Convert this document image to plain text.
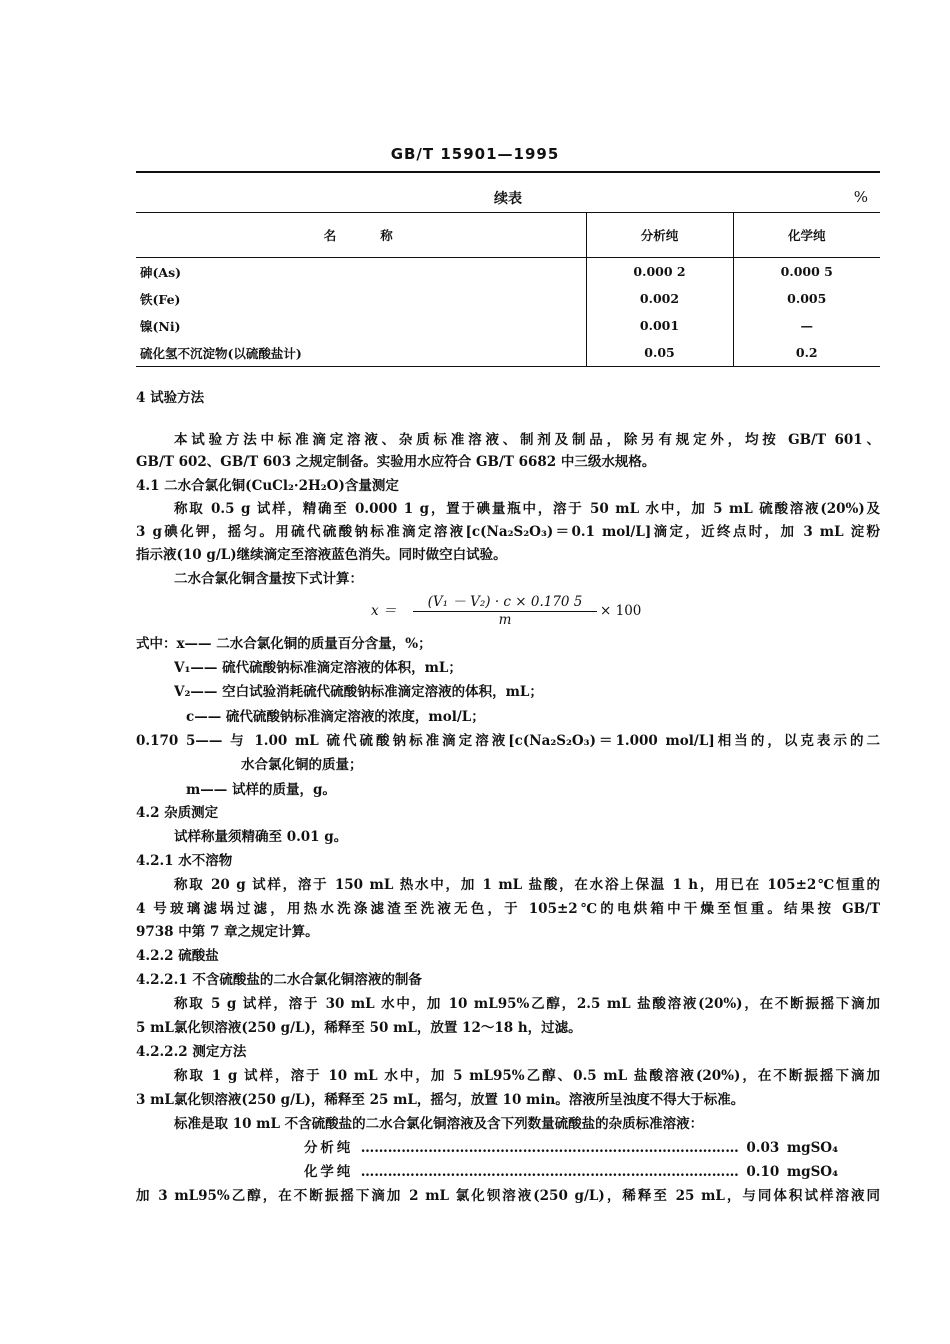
GB/T 15901—1995
续表	%
名称	分析纯	化学纯
砷(As)	0.000 2	0.000 5
铁(Fe)	0.002	0.005
镍(Ni)	0.001	—
硫化氢不沉淀物(以硫酸盐计)	0.05	0.2
4 试验方法
本试验方法中标准滴定溶液、杂质标准溶液、制剂及制品，除另有规定外，均按 GB/T 601、
GB/T 602、GB/T 603 之规定制备。实验用水应符合 GB/T 6682 中三级水规格。
4.1 二水合氯化铜(CuCl₂·2H₂O)含量测定
称取 0.5 g 试样，精确至 0.000 1 g，置于碘量瓶中，溶于 50 mL 水中，加 5 mL 硫酸溶液(20%)及
3 g碘化钾，摇匀。用硫代硫酸钠标准滴定溶液[c(Na₂S₂O₃)＝0.1 mol/L]滴定，近终点时，加 3 mL 淀粉
指示液(10 g/L)继续滴定至溶液蓝色消失。同时做空白试验。
二水合氯化铜含量按下式计算：
x ＝
(V₁ － V₂) · c × 0.170 5
m
× 100
式中：x—— 二水合氯化铜的质量百分含量，%；
V₁—— 硫代硫酸钠标准滴定溶液的体积，mL；
V₂—— 空白试验消耗硫代硫酸钠标准滴定溶液的体积，mL；
c—— 硫代硫酸钠标准滴定溶液的浓度，mol/L；
0.170 5—— 与 1.00 mL 硫代硫酸钠标准滴定溶液[c(Na₂S₂O₃)＝1.000 mol/L]相当的，以克表示的二
水合氯化铜的质量；
m—— 试样的质量，g。
4.2 杂质测定
试样称量须精确至 0.01 g。
4.2.1 水不溶物
称取 20 g 试样，溶于 150 mL 热水中，加 1 mL 盐酸，在水浴上保温 1 h，用已在 105±2℃恒重的
4 号玻璃滤埚过滤，用热水洗涤滤渣至洗液无色，于 105±2℃的电烘箱中干燥至恒重。结果按 GB/T
9738 中第 7 章之规定计算。
4.2.2 硫酸盐
4.2.2.1 不含硫酸盐的二水合氯化铜溶液的制备
称取 5 g 试样，溶于 30 mL 水中，加 10 mL95%乙醇，2.5 mL 盐酸溶液(20%)，在不断振摇下滴加
5 mL氯化钡溶液(250 g/L)，稀释至 50 mL，放置 12～18 h，过滤。
4.2.2.2 测定方法
称取 1 g 试样，溶于 10 mL 水中，加 5 mL95%乙醇、0.5 mL 盐酸溶液(20%)，在不断振摇下滴加
3 mL氯化钡溶液(250 g/L)，稀释至 25 mL，摇匀，放置 10 min。溶液所呈浊度不得大于标准。
标准是取 10 mL 不含硫酸盐的二水合氯化铜溶液及含下列数量硫酸盐的杂质标准溶液：
分析纯 ………………………………………………………………………… 0.03 mgSO₄
化学纯 ………………………………………………………………………… 0.10 mgSO₄
加 3 mL95%乙醇，在不断振摇下滴加 2 mL 氯化钡溶液(250 g/L)，稀释至 25 mL，与同体积试样溶液同
